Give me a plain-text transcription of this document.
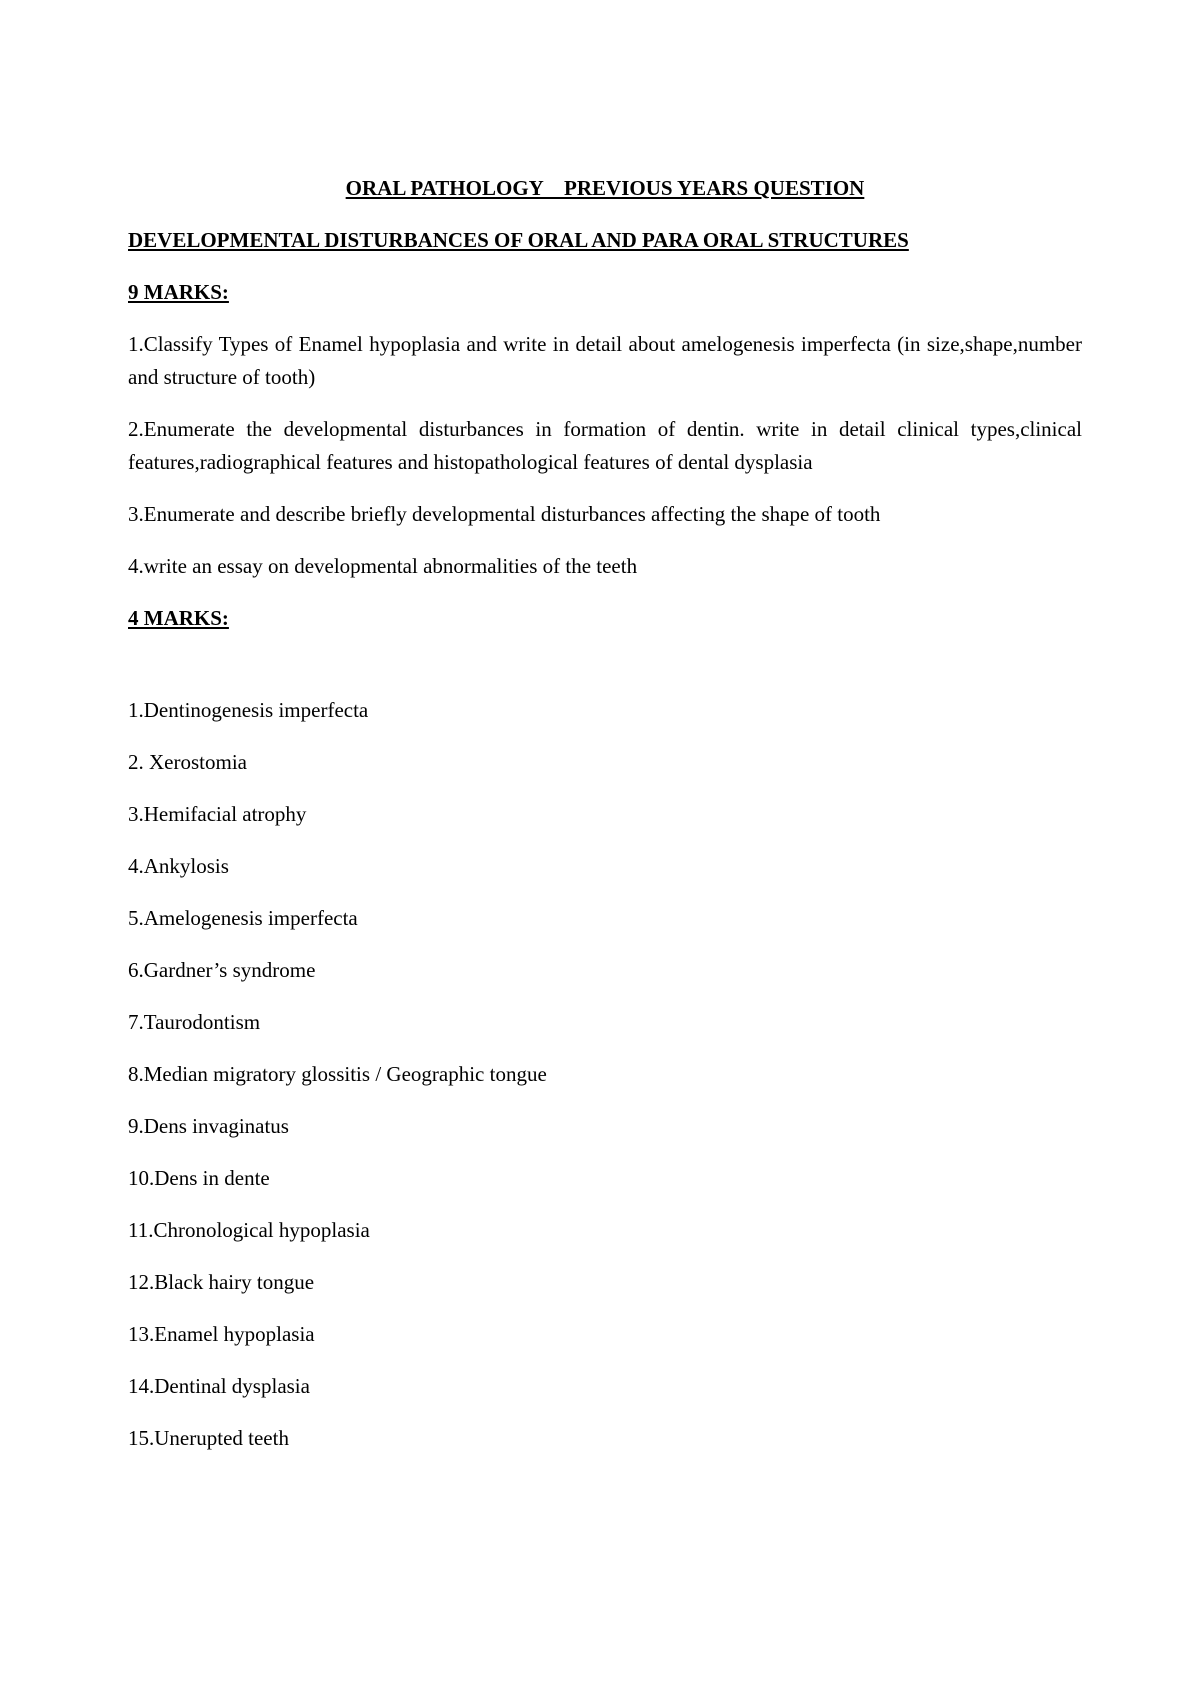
ORAL PATHOLOGY    PREVIOUS YEARS QUESTION
DEVELOPMENTAL DISTURBANCES OF ORAL AND PARA ORAL STRUCTURES
9 MARKS:
1.Classify Types of Enamel hypoplasia and write in detail about amelogenesis imperfecta (in size,shape,number and structure of tooth)
2.Enumerate the developmental disturbances in formation of dentin. write in detail clinical types,clinical features,radiographical features and histopathological features of dental dysplasia
3.Enumerate and describe briefly developmental disturbances affecting the shape of tooth
4.write an essay on developmental abnormalities of the teeth
4 MARKS:
1.Dentinogenesis imperfecta
2. Xerostomia
3.Hemifacial atrophy
4.Ankylosis
5.Amelogenesis imperfecta
6.Gardner’s syndrome
7.Taurodontism
8.Median migratory glossitis / Geographic tongue
9.Dens invaginatus
10.Dens in dente
11.Chronological hypoplasia
12.Black hairy tongue
13.Enamel hypoplasia
14.Dentinal dysplasia
15.Unerupted teeth
